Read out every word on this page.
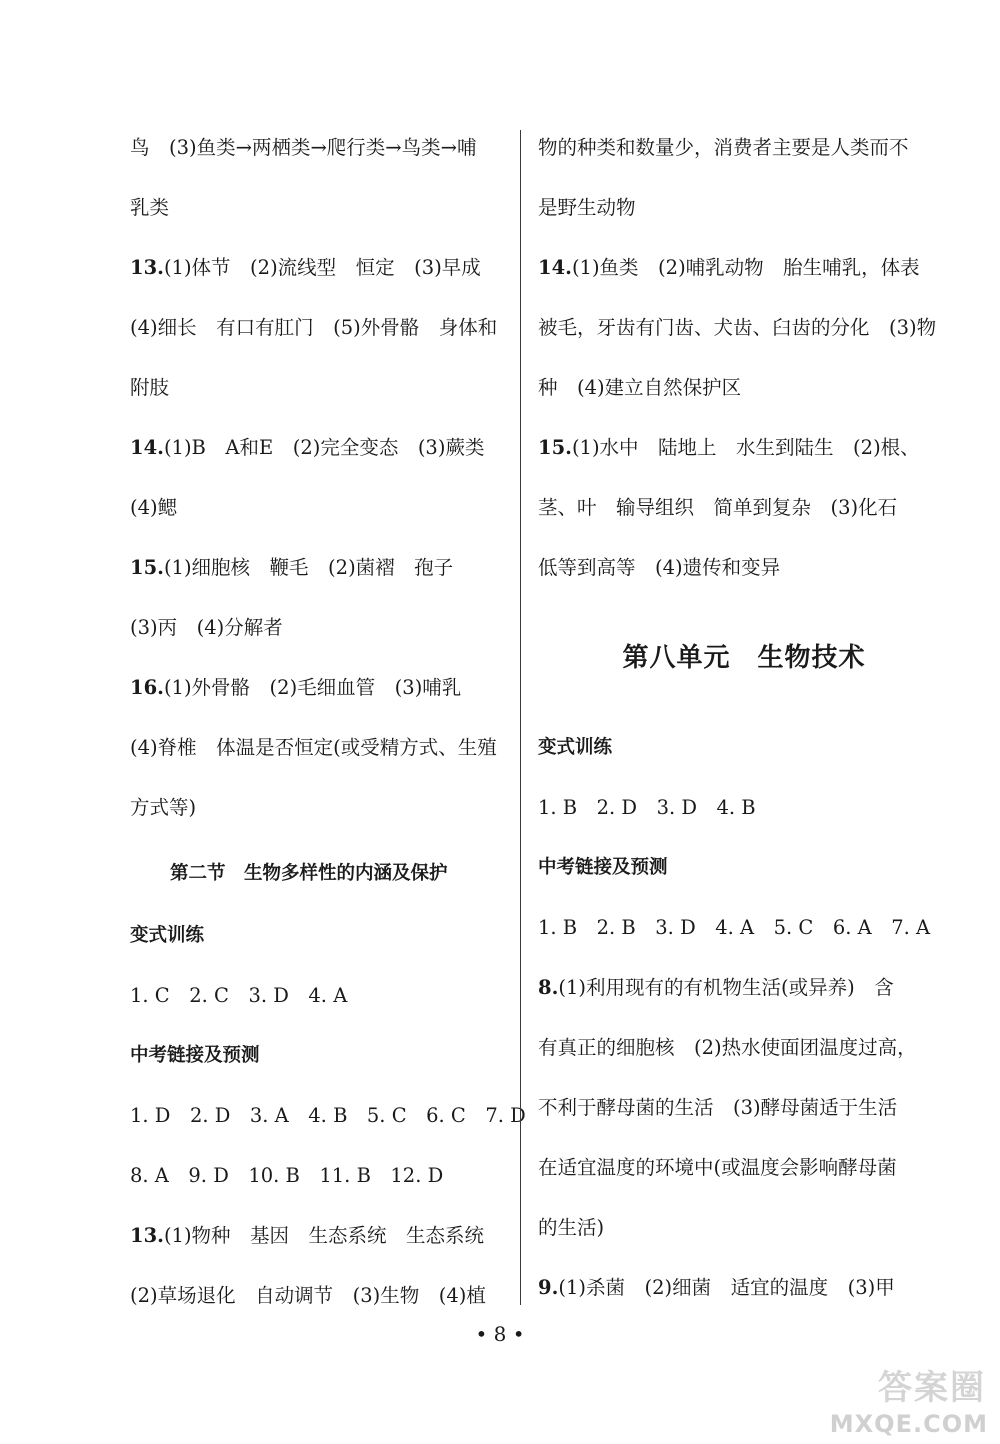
鸟　(3)鱼类→两栖类→爬行类→鸟类→哺
乳类
13.(1)体节　(2)流线型　恒定　(3)早成
(4)细长　有口有肛门　(5)外骨骼　身体和
附肢
14.(1)B　A和E　(2)完全变态　(3)蕨类
(4)鳃
15.(1)细胞核　鞭毛　(2)菌褶　孢子
(3)丙　(4)分解者
16.(1)外骨骼　(2)毛细血管　(3)哺乳
(4)脊椎　体温是否恒定(或受精方式、生殖
方式等)
第二节　生物多样性的内涵及保护
变式训练
1. C　2. C　3. D　4. A
中考链接及预测
1. D　2. D　3. A　4. B　5. C　6. C　7. D
8. A　9. D　10. B　11. B　12. D
13.(1)物种　基因　生态系统　生态系统
(2)草场退化　自动调节　(3)生物　(4)植
物的种类和数量少，消费者主要是人类而不
是野生动物
14.(1)鱼类　(2)哺乳动物　胎生哺乳，体表
被毛，牙齿有门齿、犬齿、臼齿的分化　(3)物
种　(4)建立自然保护区
15.(1)水中　陆地上　水生到陆生　(2)根、
茎、叶　输导组织　简单到复杂　(3)化石
低等到高等　(4)遗传和变异
第八单元　生物技术
变式训练
1. B　2. D　3. D　4. B
中考链接及预测
1. B　2. B　3. D　4. A　5. C　6. A　7. A
8.(1)利用现有的有机物生活(或异养)　含
有真正的细胞核　(2)热水使面团温度过高，
不利于酵母菌的生活　(3)酵母菌适于生活
在适宜温度的环境中(或温度会影响酵母菌
的生活)
9.(1)杀菌　(2)细菌　适宜的温度　(3)甲
• 8 •
答案圈
MXQE.COM
